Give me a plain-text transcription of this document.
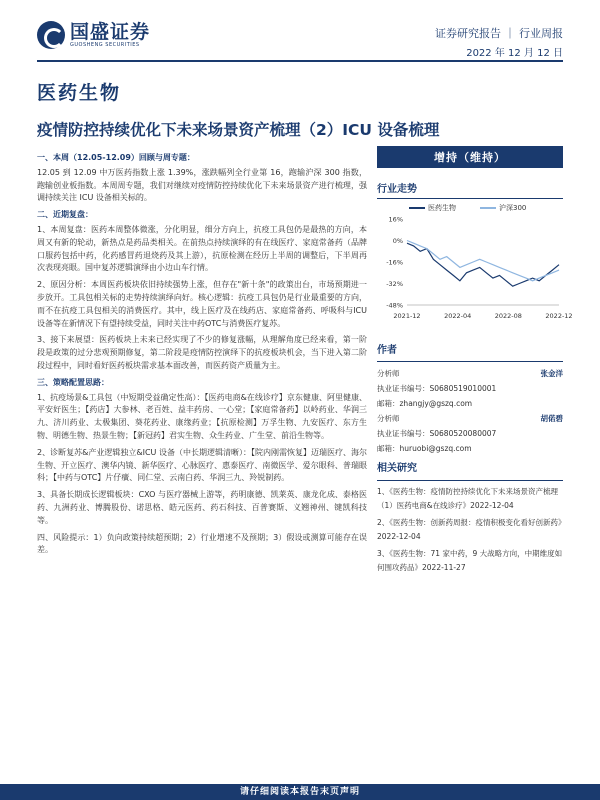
国盛证券
GUOSHENG SECURITIES
证券研究报告 ｜ 行业周报
2022 年 12 月 12 日
医药生物
疫情防控持续优化下未来场景资产梳理（2）ICU 设备梳理
一、本周（12.05-12.09）回顾与周专题：
12.05 到 12.09 中万医药指数上涨 1.39%，涨跌幅列全行业第 16，跑输沪深 300 指数，跑输创业板指数。本周周专题，我们对继续对疫情防控持续优化下未来场景资产进行梳理，强调持续关注 ICU 设备相关标的。
二、近期复盘：
1、本周复盘：医药本周整体微涨，分化明显，细分方向上，抗疫工具包仍是最热的方向，本周又有新的轮动，新热点是药品类相关。在前热点持续演绎的有在线医疗、家庭常备药（品牌口服药包括中药，化药感冒药退烧药及其上游），抗原检测在经历上半周的调整后，下半周再次表现亮眼。国中复苏逻辑演绎由小边山车行情。
2、原因分析：本周医药板块依旧持续强势上涨，但存在"新十条"的政策出台，市场预期进一步放开。工具包相关标的走势持续演绎向好。核心逻辑：抗疫工具包仍是行业最重要的方向，而不在抗疫工具包相关的消费医疗。其中，线上医疗及在线药店、家庭常备药、呼吸科与ICU设备等在新情况下有望持续受益，同时关注中药OTC与消费医疗复苏。
3、接下来展望：医药板块上未来已经实现了不少的修复涨幅，从理解角度已经来看，第一阶段是政策的过分悲观预期修复，第二阶段是疫情防控演绎下的抗疫板块机会，当下进入第二阶段过程中，同时看好医药板块需求基本面改善，而医药资产质量为主。
三、策略配置思路：
1、抗疫场景&工具包（中短期受益确定性高）：【医药电商&在线诊疗】京东健康、阿里健康、平安好医生；【药店】大参林、老百姓、益丰药房、一心堂；【家庭常备药】以岭药业、华润三九、济川药业、太极集团、葵花药业、康缘药业；【抗原检测】万孚生物、九安医疗、东方生物、明德生物、热景生物；【新冠药】君实生物、众生药业、广生堂、前沿生物等。
2、诊断复苏&产业逻辑独立&ICU 设备（中长期逻辑清晰）：【院内刚需恢复】迈瑞医疗、海尔生物、开立医疗、澳华内镜、新华医疗、心脉医疗、惠泰医疗、南微医学、爱尔眼科、普瑞眼科；【中药与OTC】片仔癀、同仁堂、云南白药、华润三九、羚锐制药。
3、具备长期成长逻辑板块：CXO 与医疗器械上游等，药明康德、凯莱英、康龙化成、泰格医药、九洲药业、博腾股份、诺思格、皓元医药、药石科技、百普赛斯、义翘神州、键凯科技等。
四、风险提示：1）负向政策持续超预期；2）行业增速不及预期；3）假设或测算可能存在误差。
增持（维持）
行业走势
医药生物	沪深300
16%
0%
-16%
-32%
-48%
2021-12	2022-04	2022-08	2022-12
作者
分析师	张金洋
执业证书编号：S0680519010001
邮箱：zhangjy@gszq.com
分析师	胡偌碧
执业证书编号：S0680520080007
邮箱：huruobi@gszq.com
相关研究
1、《医药生物：疫情防控持续优化下未来场景资产梳理（1）医药电商&在线诊疗》2022-12-04
2、《医药生物：创新药周报：疫情积极变化看好创新药》2022-12-04
3、《医药生物：71 家中药，9 大战略方向，中期维度如何围攻药品》2022-11-27
请仔细阅读本报告末页声明
